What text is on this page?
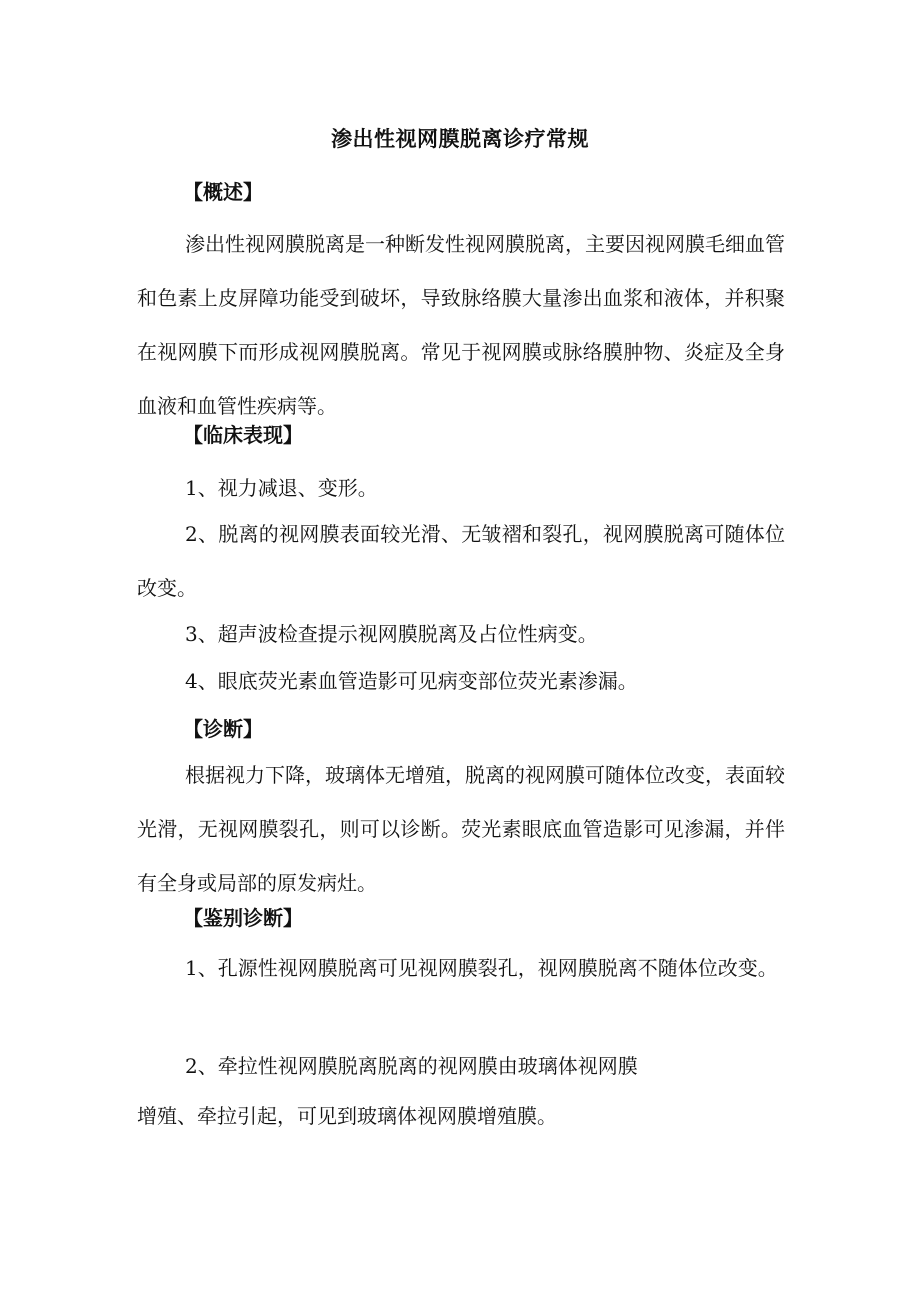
渗出性视网膜脱离诊疗常规
【概述】

渗出性视网膜脱离是一种断发性视网膜脱离，主要因视网膜毛细血管和色素上皮屏障功能受到破坏，导致脉络膜大量渗出血浆和液体，并积聚在视网膜下而形成视网膜脱离。常见于视网膜或脉络膜肿物、炎症及全身血液和血管性疾病等。

【临床表现】

1、视力减退、变形。

2、脱离的视网膜表面较光滑、无皱褶和裂孔，视网膜脱离可随体位改变。

3、超声波检查提示视网膜脱离及占位性病变。

4、眼底荧光素血管造影可见病变部位荧光素渗漏。

【诊断】

根据视力下降，玻璃体无增殖，脱离的视网膜可随体位改变，表面较光滑，无视网膜裂孔，则可以诊断。荧光素眼底血管造影可见渗漏，并伴有全身或局部的原发病灶。

【鉴别诊断】

1、孔源性视网膜脱离可见视网膜裂孔，视网膜脱离不随体位改变。

2、牵拉性视网膜脱离脱离的视网膜由玻璃体视网膜

增殖、牵拉引起，可见到玻璃体视网膜增殖膜。
